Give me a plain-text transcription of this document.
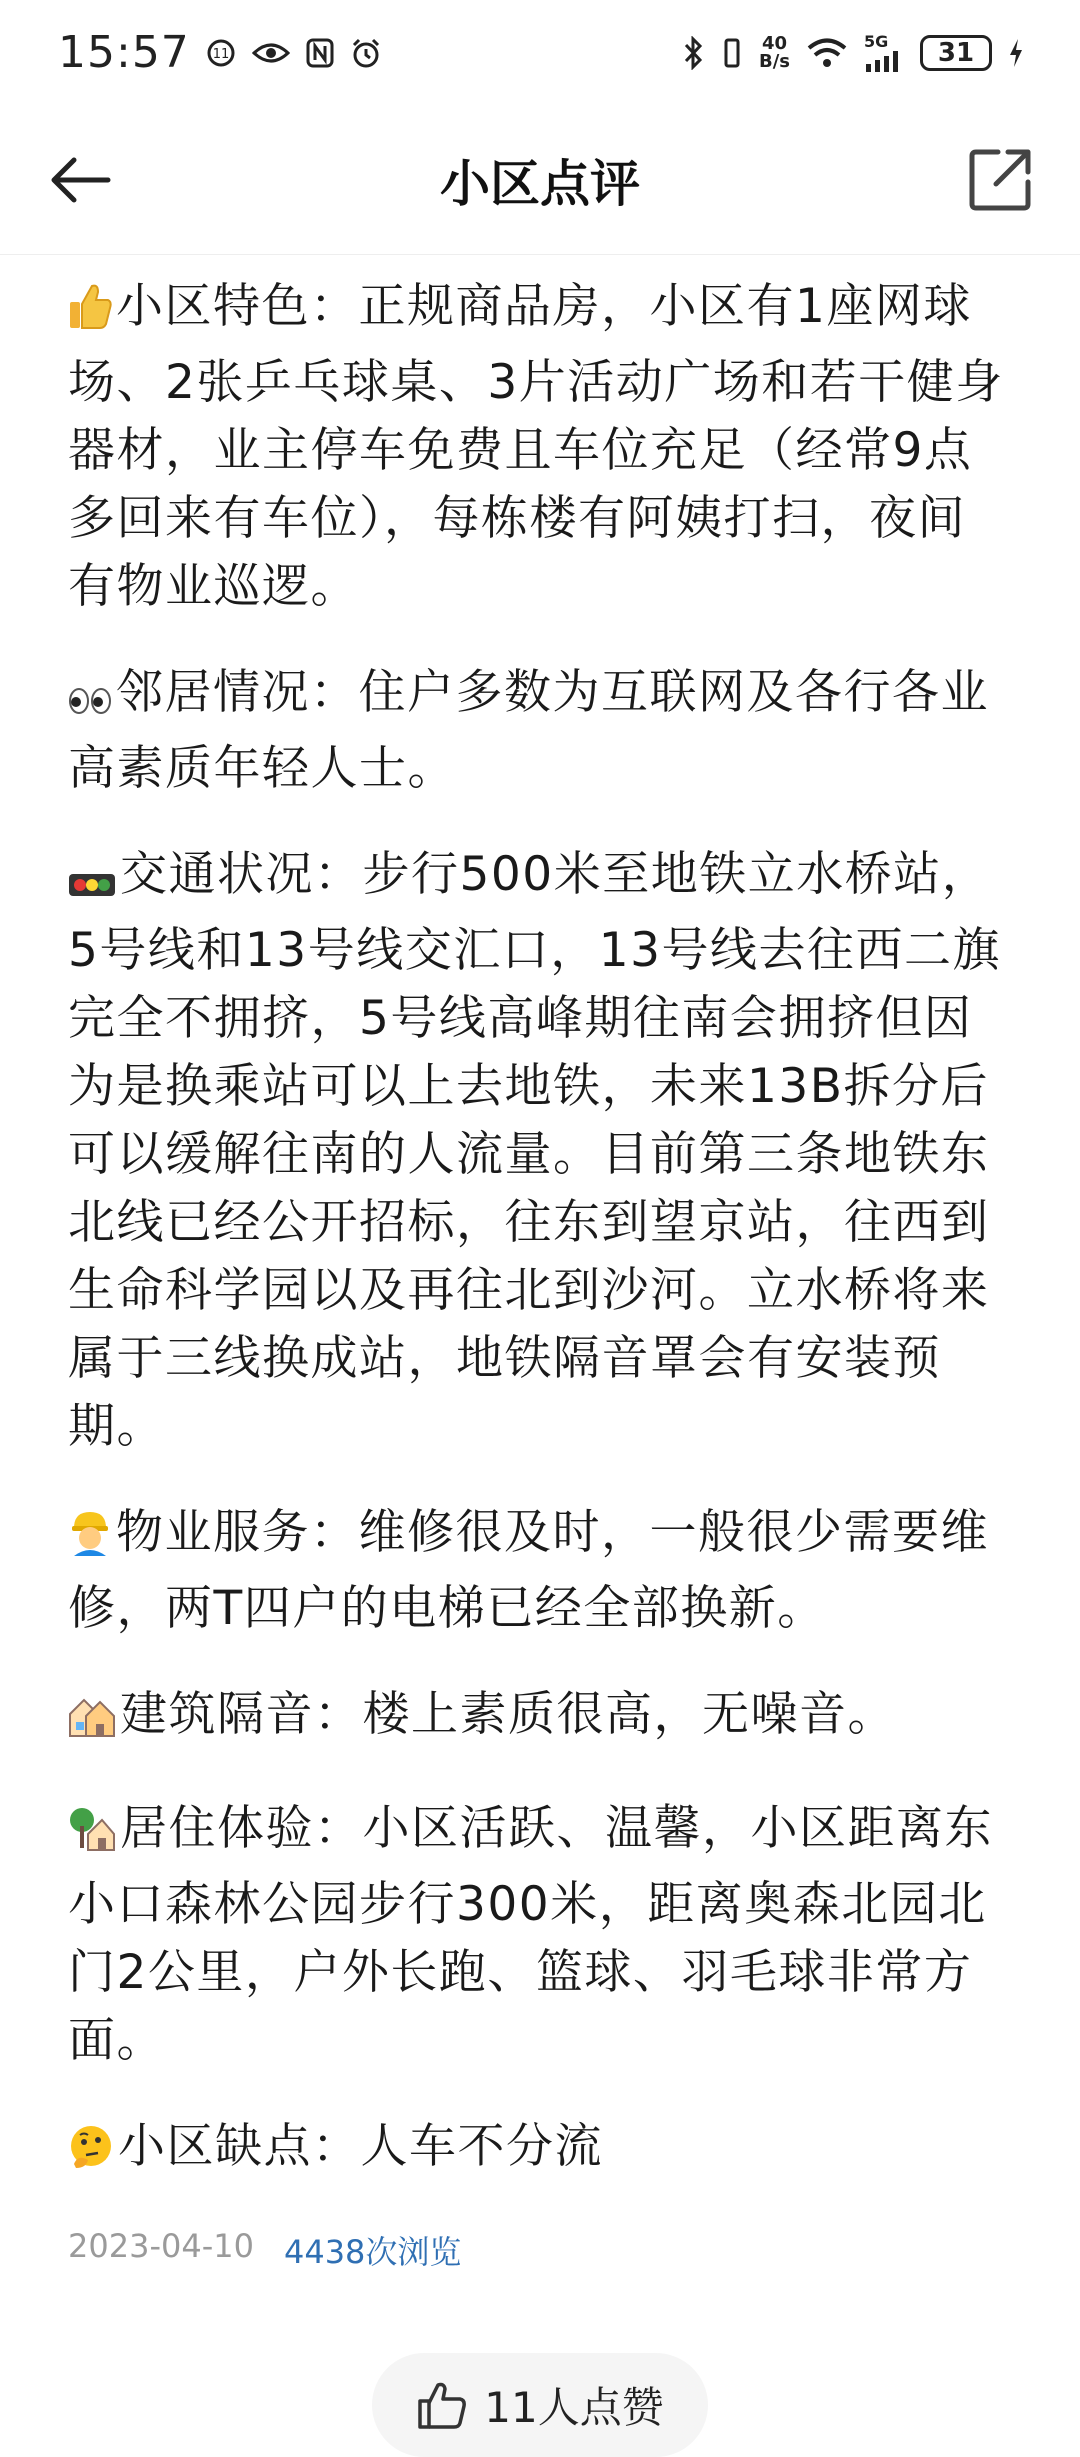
15:57 11
40
B/s
5G	31
小区点评

小区特色：正规商品房，小区有1座网球场、2张乒乓球桌、3片活动广场和若干健身器材，业主停车免费且车位充足（经常9点多回来有车位），每栋楼有阿姨打扫，夜间有物业巡逻。

邻居情况：住户多数为互联网及各行各业高素质年轻人士。

交通状况：步行500米至地铁立水桥站，5号线和13号线交汇口，13号线去往西二旗完全不拥挤，5号线高峰期往南会拥挤但因为是换乘站可以上去地铁，未来13B拆分后可以缓解往南的人流量。目前第三条地铁东北线已经公开招标，往东到望京站，往西到生命科学园以及再往北到沙河。立水桥将来属于三线换成站，地铁隔音罩会有安装预期。

物业服务：维修很及时，一般很少需要维修，两T四户的电梯已经全部换新。

建筑隔音：楼上素质很高，无噪音。

居住体验：小区活跃、温馨，小区距离东小口森林公园步行300米，距离奥森北园北门2公里，户外长跑、篮球、羽毛球非常方面。

小区缺点：人车不分流

2023-04-10 4438次浏览
11人点赞
